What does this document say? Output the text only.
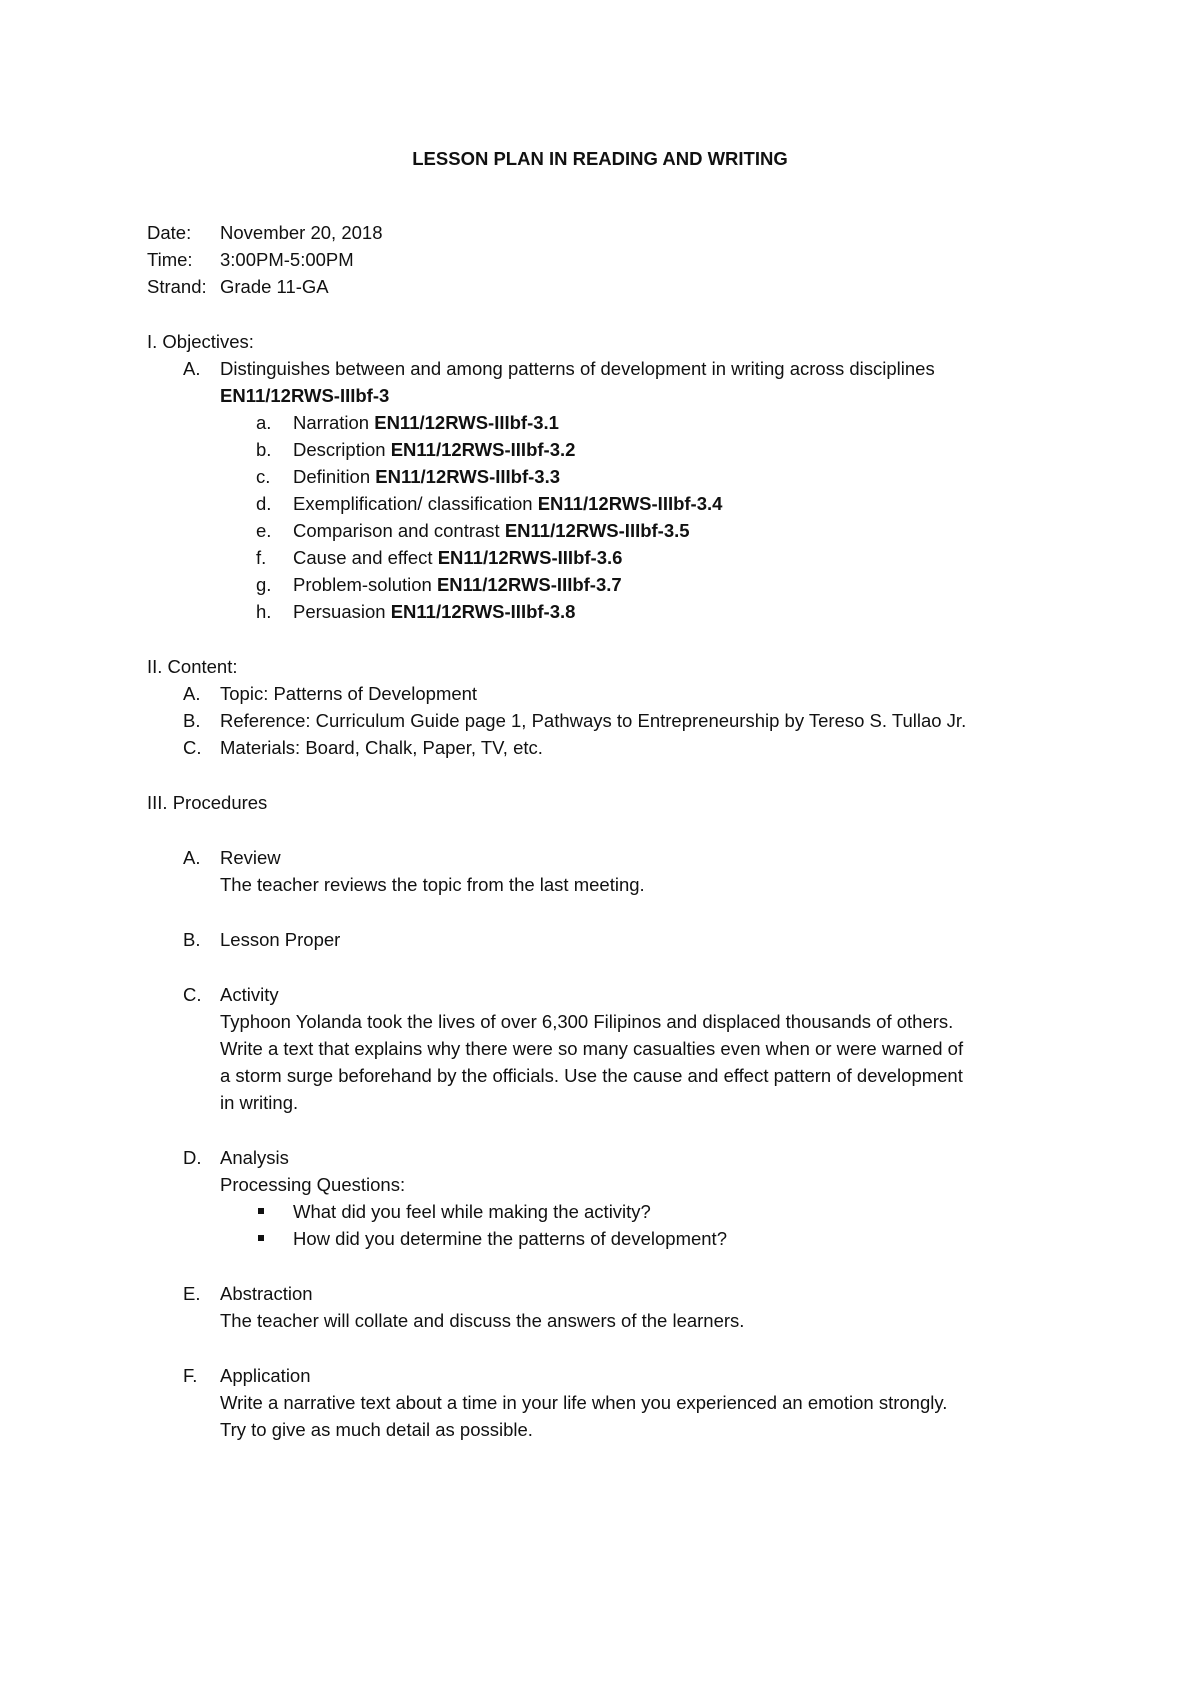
LESSON PLAN IN READING AND WRITING
Date: November 20, 2018
Time: 3:00PM-5:00PM
Strand: Grade 11-GA
I. Objectives:
A.	Distinguishes between and among patterns of development in writing across disciplines
EN11/12RWS-IIIbf-3
a.	Narration EN11/12RWS-IIIbf-3.1
b.	Description EN11/12RWS-IIIbf-3.2
c.	Definition EN11/12RWS-IIIbf-3.3
d.	Exemplification/ classification EN11/12RWS-IIIbf-3.4
e.	Comparison and contrast EN11/12RWS-IIIbf-3.5
f.	Cause and effect EN11/12RWS-IIIbf-3.6
g.	Problem-solution EN11/12RWS-IIIbf-3.7
h.	Persuasion EN11/12RWS-IIIbf-3.8
II. Content:
A.	Topic: Patterns of Development
B.	Reference: Curriculum Guide page 1, Pathways to Entrepreneurship by Tereso S. Tullao Jr.
C.	Materials: Board, Chalk, Paper, TV, etc.
III. Procedures
A.	Review
The teacher reviews the topic from the last meeting.
B.	Lesson Proper
C.	Activity
Typhoon Yolanda took the lives of over 6,300 Filipinos and displaced thousands of others.
Write a text that explains why there were so many casualties even when or were warned of
a storm surge beforehand by the officials. Use the cause and effect pattern of development
in writing.
D.	Analysis
Processing Questions:
What did you feel while making the activity?
How did you determine the patterns of development?
E.	Abstraction
The teacher will collate and discuss the answers of the learners.
F.	Application
Write a narrative text about a time in your life when you experienced an emotion strongly.
Try to give as much detail as possible.
